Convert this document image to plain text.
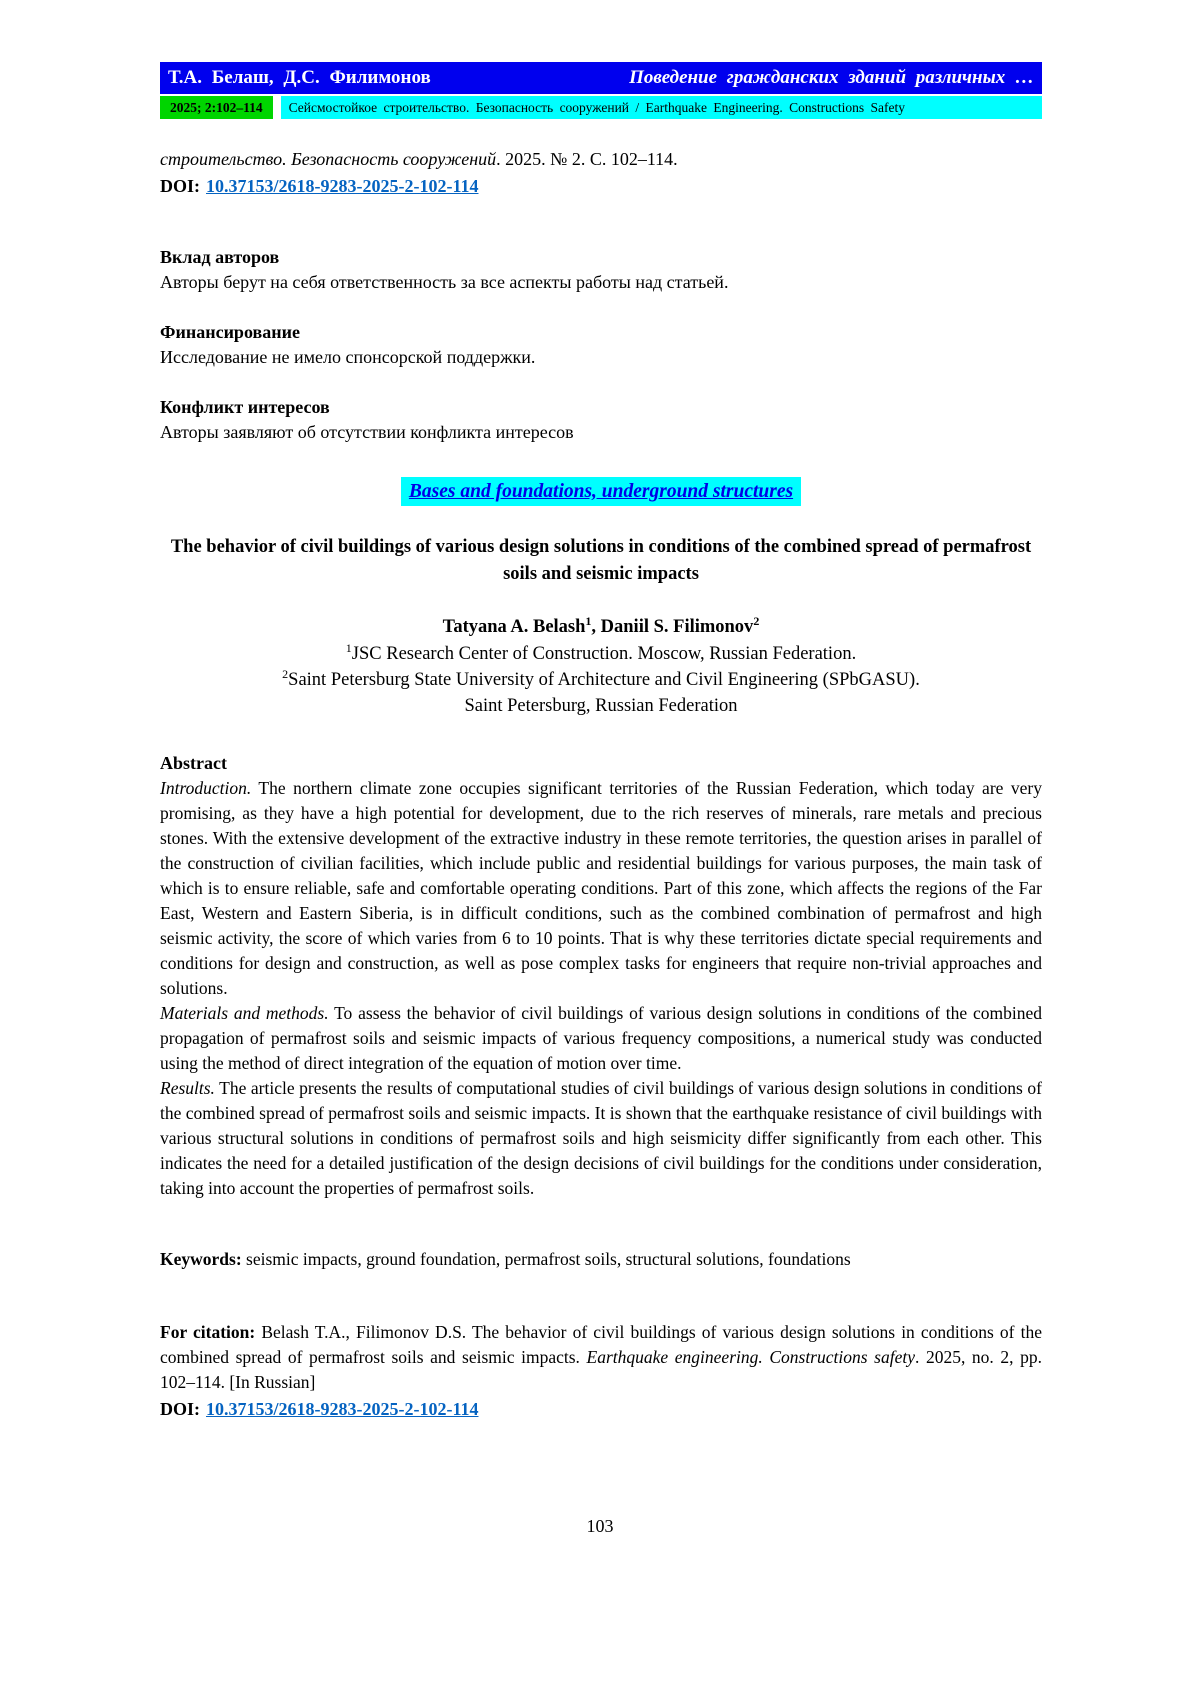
Т.А. Белаш, Д.С. Филимонов	Поведение гражданских зданий различных …
2025; 2:102–114	Сейсмостойкое строительство. Безопасность сооружений / Earthquake Engineering. Constructions Safety

строительство. Безопасность сооружений. 2025. № 2. С. 102–114.

DOI: 10.37153/2618-9283-2025-2-102-114

Вклад авторов

Авторы берут на себя ответственность за все аспекты работы над статьей.

Финансирование

Исследование не имело спонсорской поддержки.

Конфликт интересов

Авторы заявляют об отсутствии конфликта интересов

Bases and foundations, underground structures
The behavior of civil buildings of various design solutions in conditions of the combined spread of permafrost soils and seismic impacts

Tatyana A. Belash$^1$, Daniil S. Filimonov$^2$

$^1$JSC Research Center of Construction. Moscow, Russian Federation.

$^2$Saint Petersburg State University of Architecture and Civil Engineering (SPbGASU).

Saint Petersburg, Russian Federation

Abstract

Introduction. The northern climate zone occupies significant territories of the Russian Federation, which today are very promising, as they have a high potential for development, due to the rich reserves of minerals, rare metals and precious stones. With the extensive development of the extractive industry in these remote territories, the question arises in parallel of the construction of civilian facilities, which include public and residential buildings for various purposes, the main task of which is to ensure reliable, safe and comfortable operating conditions. Part of this zone, which affects the regions of the Far East, Western and Eastern Siberia, is in difficult conditions, such as the combined combination of permafrost and high seismic activity, the score of which varies from 6 to 10 points. That is why these territories dictate special requirements and conditions for design and construction, as well as pose complex tasks for engineers that require non-trivial approaches and solutions.

Materials and methods. To assess the behavior of civil buildings of various design solutions in conditions of the combined propagation of permafrost soils and seismic impacts of various frequency compositions, a numerical study was conducted using the method of direct integration of the equation of motion over time.

Results. The article presents the results of computational studies of civil buildings of various design solutions in conditions of the combined spread of permafrost soils and seismic impacts. It is shown that the earthquake resistance of civil buildings with various structural solutions in conditions of permafrost soils and high seismicity differ significantly from each other. This indicates the need for a detailed justification of the design decisions of civil buildings for the conditions under consideration, taking into account the properties of permafrost soils.

Keywords: seismic impacts, ground foundation, permafrost soils, structural solutions, foundations

For citation: Belash T.A., Filimonov D.S. The behavior of civil buildings of various design solutions in conditions of the combined spread of permafrost soils and seismic impacts. Earthquake engineering. Constructions safety. 2025, no. 2, pp. 102–114. [In Russian]

DOI: 10.37153/2618-9283-2025-2-102-114

103
